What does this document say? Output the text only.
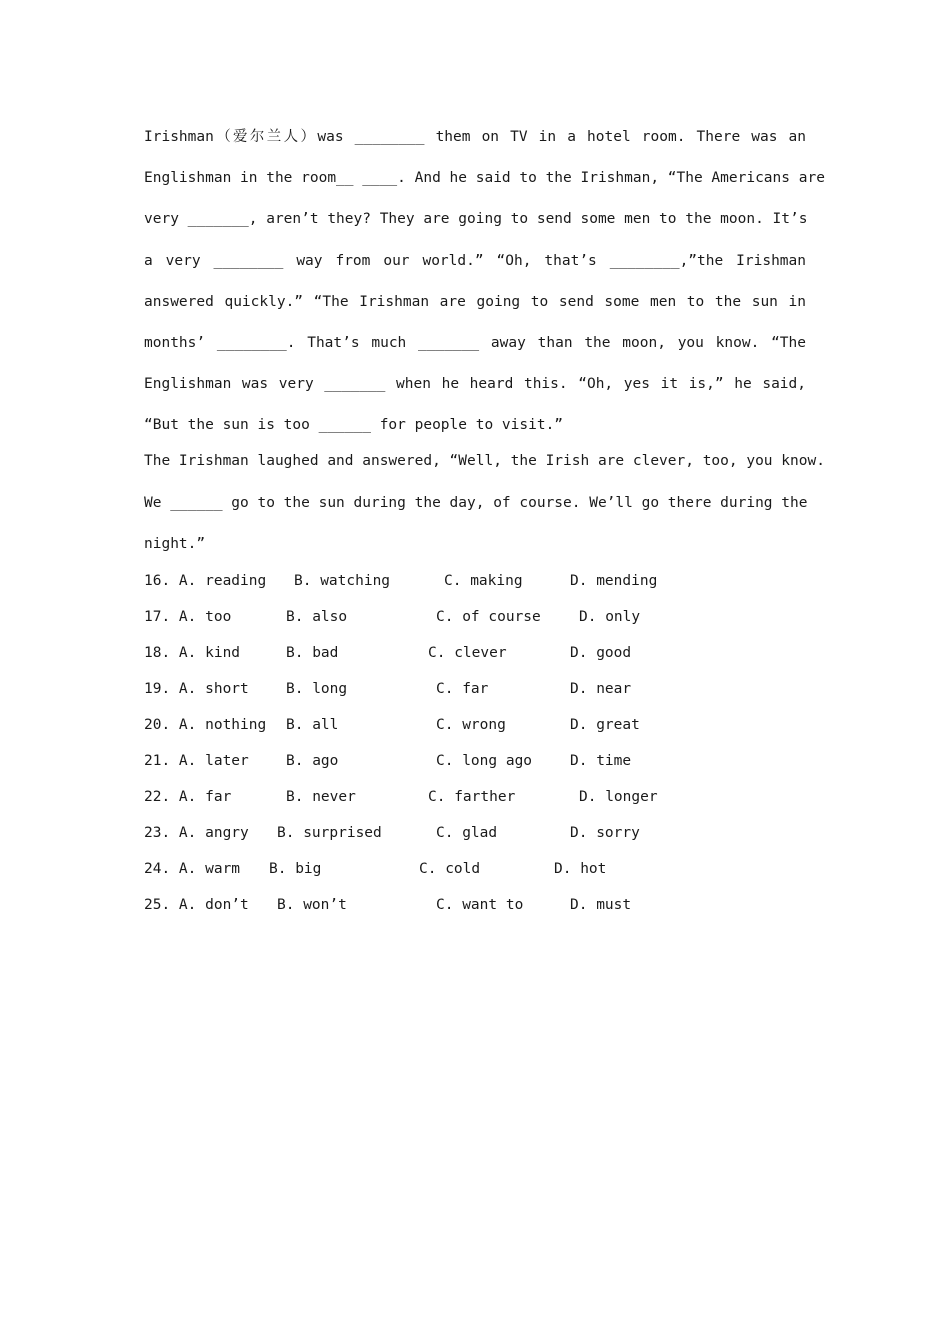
Irishman（爱尔兰人）was ________ them on TV in a hotel room. There was an
Englishman in the room__ ____. And he said to the Irishman, “The Americans are
very _______, aren’t they? They are going to send some men to the moon. It’s
a very ________ way from our world.” “Oh, that’s ________,”the Irishman
answered quickly.” “The Irishman are going to send some men to the sun in
months’ ________. That’s much _______ away than the moon, you know. “The
Englishman was very _______ when he heard this. “Oh, yes it is,” he said,
“But the sun is too ______ for people to visit.”
The Irishman laughed and answered, “Well, the Irish are clever, too, you know.
We ______ go to the sun during the day, of course. We’ll go there during the
night.”
16. A. reading B. watching	C. making	D. mending
17. A. too	B. also	C. of course	D. only
18. A. kind	B. bad	C. clever	D. good
19. A. short	B. long	C. far	D. near
20. A. nothing B. all	C. wrong	D. great
21. A. later	B. ago	C. long ago	D. time
22. A. far	B. never	C. farther	D. longer
23. A. angry B. surprised	C. glad	D. sorry
24. A. warm B. big	C. cold	D. hot
25. A. don’t B. won’t	C. want to	D. must
